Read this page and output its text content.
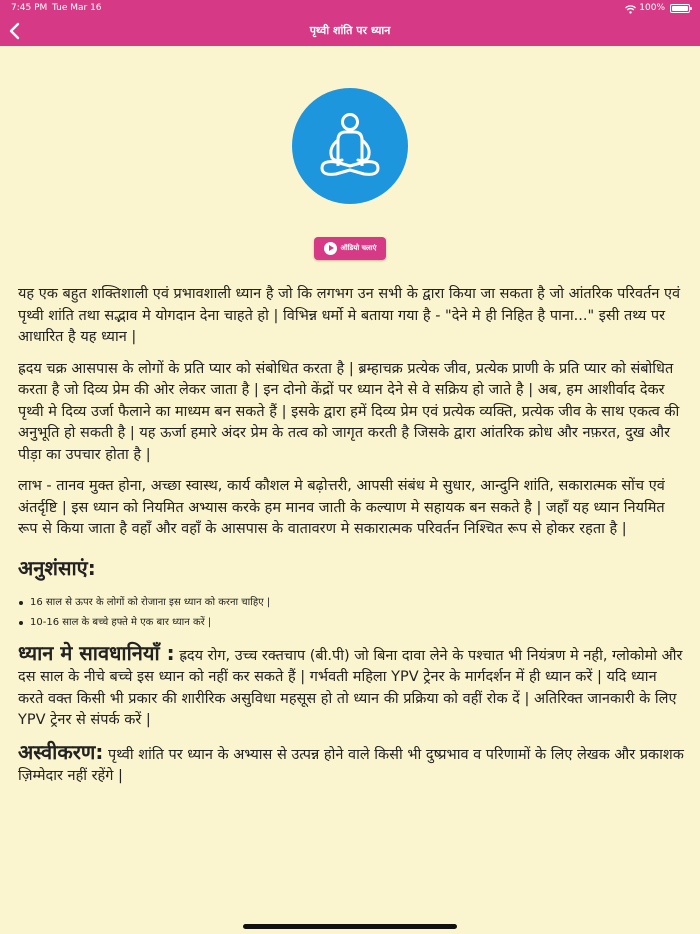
7:45 PM Tue Mar 16	100%
पृथ्वी शांति पर ध्यान
ऑडियो चलाएं

यह एक बहुत शक्तिशाली एवं प्रभावशाली ध्यान है जो कि लगभग उन सभी के द्वारा किया जा सकता है जो आंतरिक परिवर्तन एवं पृथ्वी शांति तथा सद्भाव मे योगदान देना चाहते हो | विभिन्न धर्मो मे बताया गया है - "देने मे ही निहित है पाना..." इसी तथ्य पर आधारित है यह ध्यान |

ह्रदय चक्र आसपास के लोगों के प्रति प्यार को संबोधित करता है | ब्रम्हाचक्र प्रत्येक जीव, प्रत्येक प्राणी के प्रति प्यार को संबोधित करता है जो दिव्य प्रेम की ओर लेकर जाता है | इन दोनो केंद्रों पर ध्यान देने से वे सक्रिय हो जाते है | अब, हम आशीर्वाद देकर पृथ्वी मे दिव्य उर्जा फैलाने का माध्यम बन सकते हैं | इसके द्वारा हमें दिव्य प्रेम एवं प्रत्येक व्यक्ति, प्रत्येक जीव के साथ एकत्व की अनुभूति हो सकती है | यह ऊर्जा हमारे अंदर प्रेम के तत्व को जागृत करती है जिसके द्वारा आंतरिक क्रोध और नफ़रत, दुख और पीड़ा का उपचार होता है |

लाभ - तानव मुक्त होना, अच्छा स्वास्थ, कार्य कौशल मे बढ़ोत्तरी, आपसी संबंध मे सुधार, आन्दुनि शांति, सकारात्मक सोंच एवं अंतर्दृष्टि | इस ध्यान को नियमित अभ्यास करके हम मानव जाती के कल्याण मे सहायक बन सकते है | जहाँ यह ध्यान नियमित रूप से किया जाता है वहाँ और वहाँ के आसपास के वातावरण मे सकारात्मक परिवर्तन निश्चित रूप से होकर रहता है |

अनुशंसाएं:
16 साल से ऊपर के लोगों को रोजाना इस ध्यान को करना चाहिए |
10-16 साल के बच्चे हफ्ते मे एक बार ध्यान करें |

ध्यान मे सावधानियाँ : ह्रदय रोग, उच्च रक्तचाप (बी.पी) जो बिना दावा लेने के पश्चात भी नियंत्रण मे नही, ग्लोकोमो और दस साल के नीचे बच्चे इस ध्यान को नहीं कर सकते हैं | गर्भवती महिला YPV ट्रेनर के मार्गदर्शन में ही ध्यान करें | यदि ध्यान करते वक्त किसी भी प्रकार की शारीरिक असुविधा महसूस हो तो ध्यान की प्रक्रिया को वहीं रोक दें | अतिरिक्त जानकारी के लिए YPV ट्रेनर से संपर्क करें |

अस्वीकरण: पृथ्वी शांति पर ध्यान के अभ्यास से उत्पन्न होने वाले किसी भी दुष्प्रभाव व परिणामों के लिए लेखक और प्रकाशक ज़िम्मेदार नहीं रहेंगे |
